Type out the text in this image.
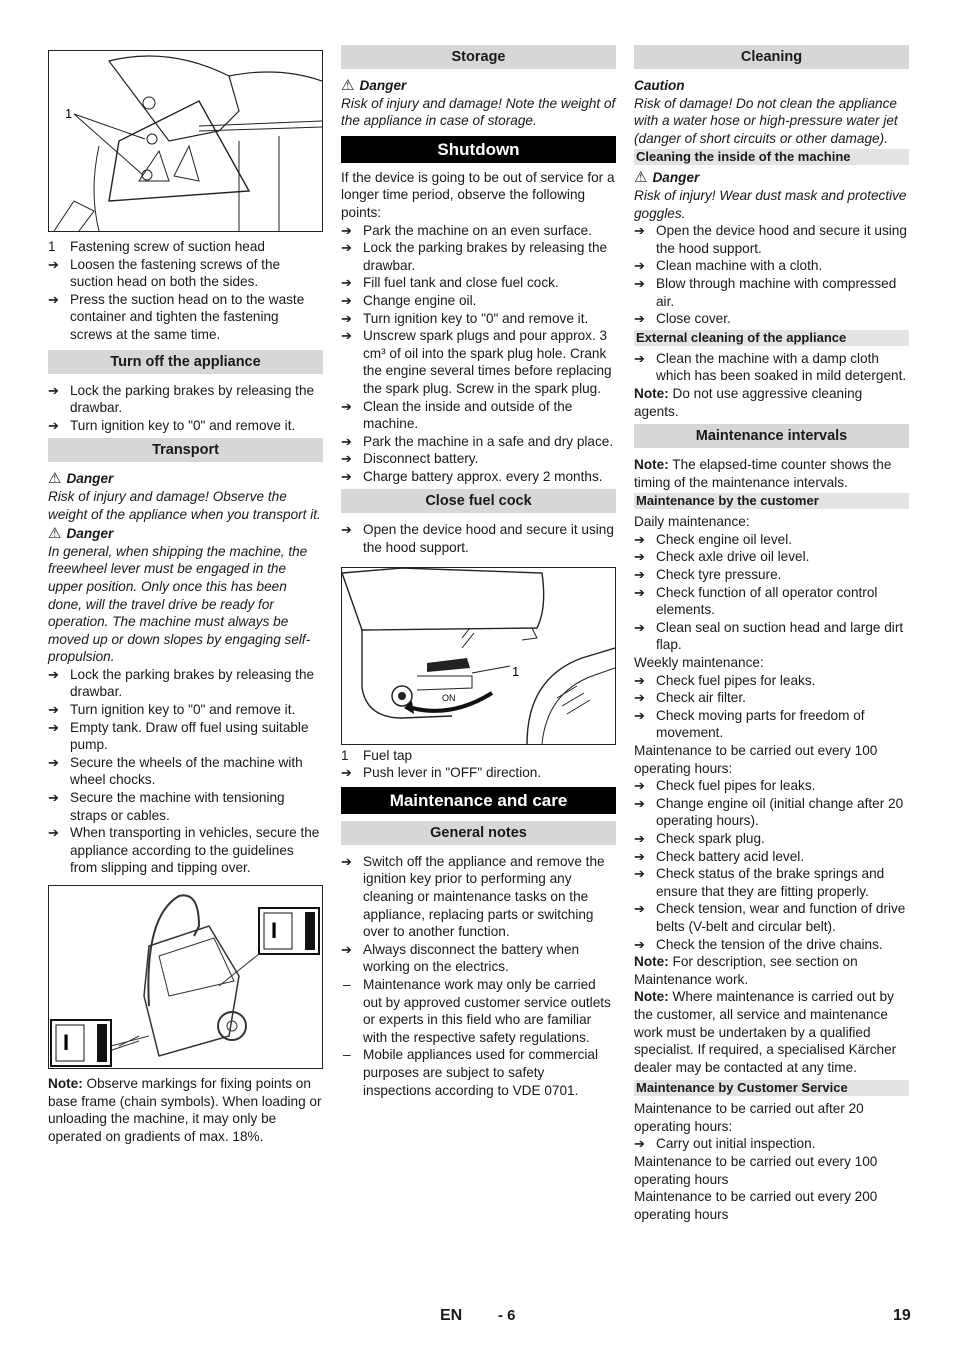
1
1 Fastening screw of suction head
➔ Loosen the fastening screws of the suction head on both the sides.
➔ Press the suction head on to the waste container and tighten the fastening screws at the same time.
Turn off the appliance
➔ Lock the parking brakes by releasing the drawbar.
➔ Turn ignition key to "0" and remove it.
Transport
⚠ Danger
Risk of injury and damage! Observe the weight of the appliance when you transport it.
⚠ Danger
In general, when shipping the machine, the freewheel lever must be engaged in the upper position. Only once this has been done, will the travel drive be ready for operation. The machine must always be moved up or down slopes by engaging self-propulsion.
➔ Lock the parking brakes by releasing the drawbar.
➔ Turn ignition key to "0" and remove it.
➔ Empty tank. Draw off fuel using suitable pump.
➔ Secure the wheels of the machine with wheel chocks.
➔ Secure the machine with tensioning straps or cables.
➔ When transporting in vehicles, secure the appliance according to the guidelines from slipping and tipping over.
I
I
Note: Observe markings for fixing points on base frame (chain symbols). When loading or unloading the machine, it may only be operated on gradients of max. 18%.
Storage
⚠ Danger
Risk of injury and damage! Note the weight of the appliance in case of storage.
Shutdown
If the device is going to be out of service for a longer time period, observe the following points:
➔ Park the machine on an even surface.
➔ Lock the parking brakes by releasing the drawbar.
➔ Fill fuel tank and close fuel cock.
➔ Change engine oil.
➔ Turn ignition key to "0" and remove it.
➔ Unscrew spark plugs and pour approx. 3 cm³ of oil into the spark plug hole. Crank the engine several times before replacing the spark plug. Screw in the spark plug.
➔ Clean the inside and outside of the machine.
➔ Park the machine in a safe and dry place.
➔ Disconnect battery.
➔ Charge battery approx. every 2 months.
Close fuel cock
➔ Open the device hood and secure it using the hood support.
ON
1
1 Fuel tap
➔ Push lever in "OFF" direction.
Maintenance and care
General notes
➔ Switch off the appliance and remove the ignition key prior to performing any cleaning or maintenance tasks on the appliance, replacing parts or switching over to another function.
➔ Always disconnect the battery when working on the electrics.
– Maintenance work may only be carried out by approved customer service outlets or experts in this field who are familiar with the respective safety regulations.
– Mobile appliances used for commercial purposes are subject to safety inspections according to VDE 0701.
Cleaning
Caution
Risk of damage! Do not clean the appliance with a water hose or high-pressure water jet (danger of short circuits or other damage).
Cleaning the inside of the machine
⚠ Danger
Risk of injury! Wear dust mask and protective goggles.
➔ Open the device hood and secure it using the hood support.
➔ Clean machine with a cloth.
➔ Blow through machine with compressed air.
➔ Close cover.
External cleaning of the appliance
➔ Clean the machine with a damp cloth which has been soaked in mild detergent.
Note: Do not use aggressive cleaning agents.
Maintenance intervals
Note: The elapsed-time counter shows the timing of the maintenance intervals.
Maintenance by the customer
Daily maintenance:
➔ Check engine oil level.
➔ Check axle drive oil level.
➔ Check tyre pressure.
➔ Check function of all operator control elements.
➔ Clean seal on suction head and large dirt flap.
Weekly maintenance:
➔ Check fuel pipes for leaks.
➔ Check air filter.
➔ Check moving parts for freedom of movement.
Maintenance to be carried out every 100 operating hours:
➔ Check fuel pipes for leaks.
➔ Change engine oil (initial change after 20 operating hours).
➔ Check spark plug.
➔ Check battery acid level.
➔ Check status of the brake springs and ensure that they are fitting properly.
➔ Check tension, wear and function of drive belts (V-belt and circular belt).
➔ Check the tension of the drive chains.
Note: For description, see section on Maintenance work.
Note: Where maintenance is carried out by the customer, all service and maintenance work must be undertaken by a qualified specialist. If required, a specialised Kärcher dealer may be contacted at any time.
Maintenance by Customer Service
Maintenance to be carried out after 20 operating hours:
➔ Carry out initial inspection.
Maintenance to be carried out every 100 operating hours
Maintenance to be carried out every 200 operating hours
EN - 6	19
